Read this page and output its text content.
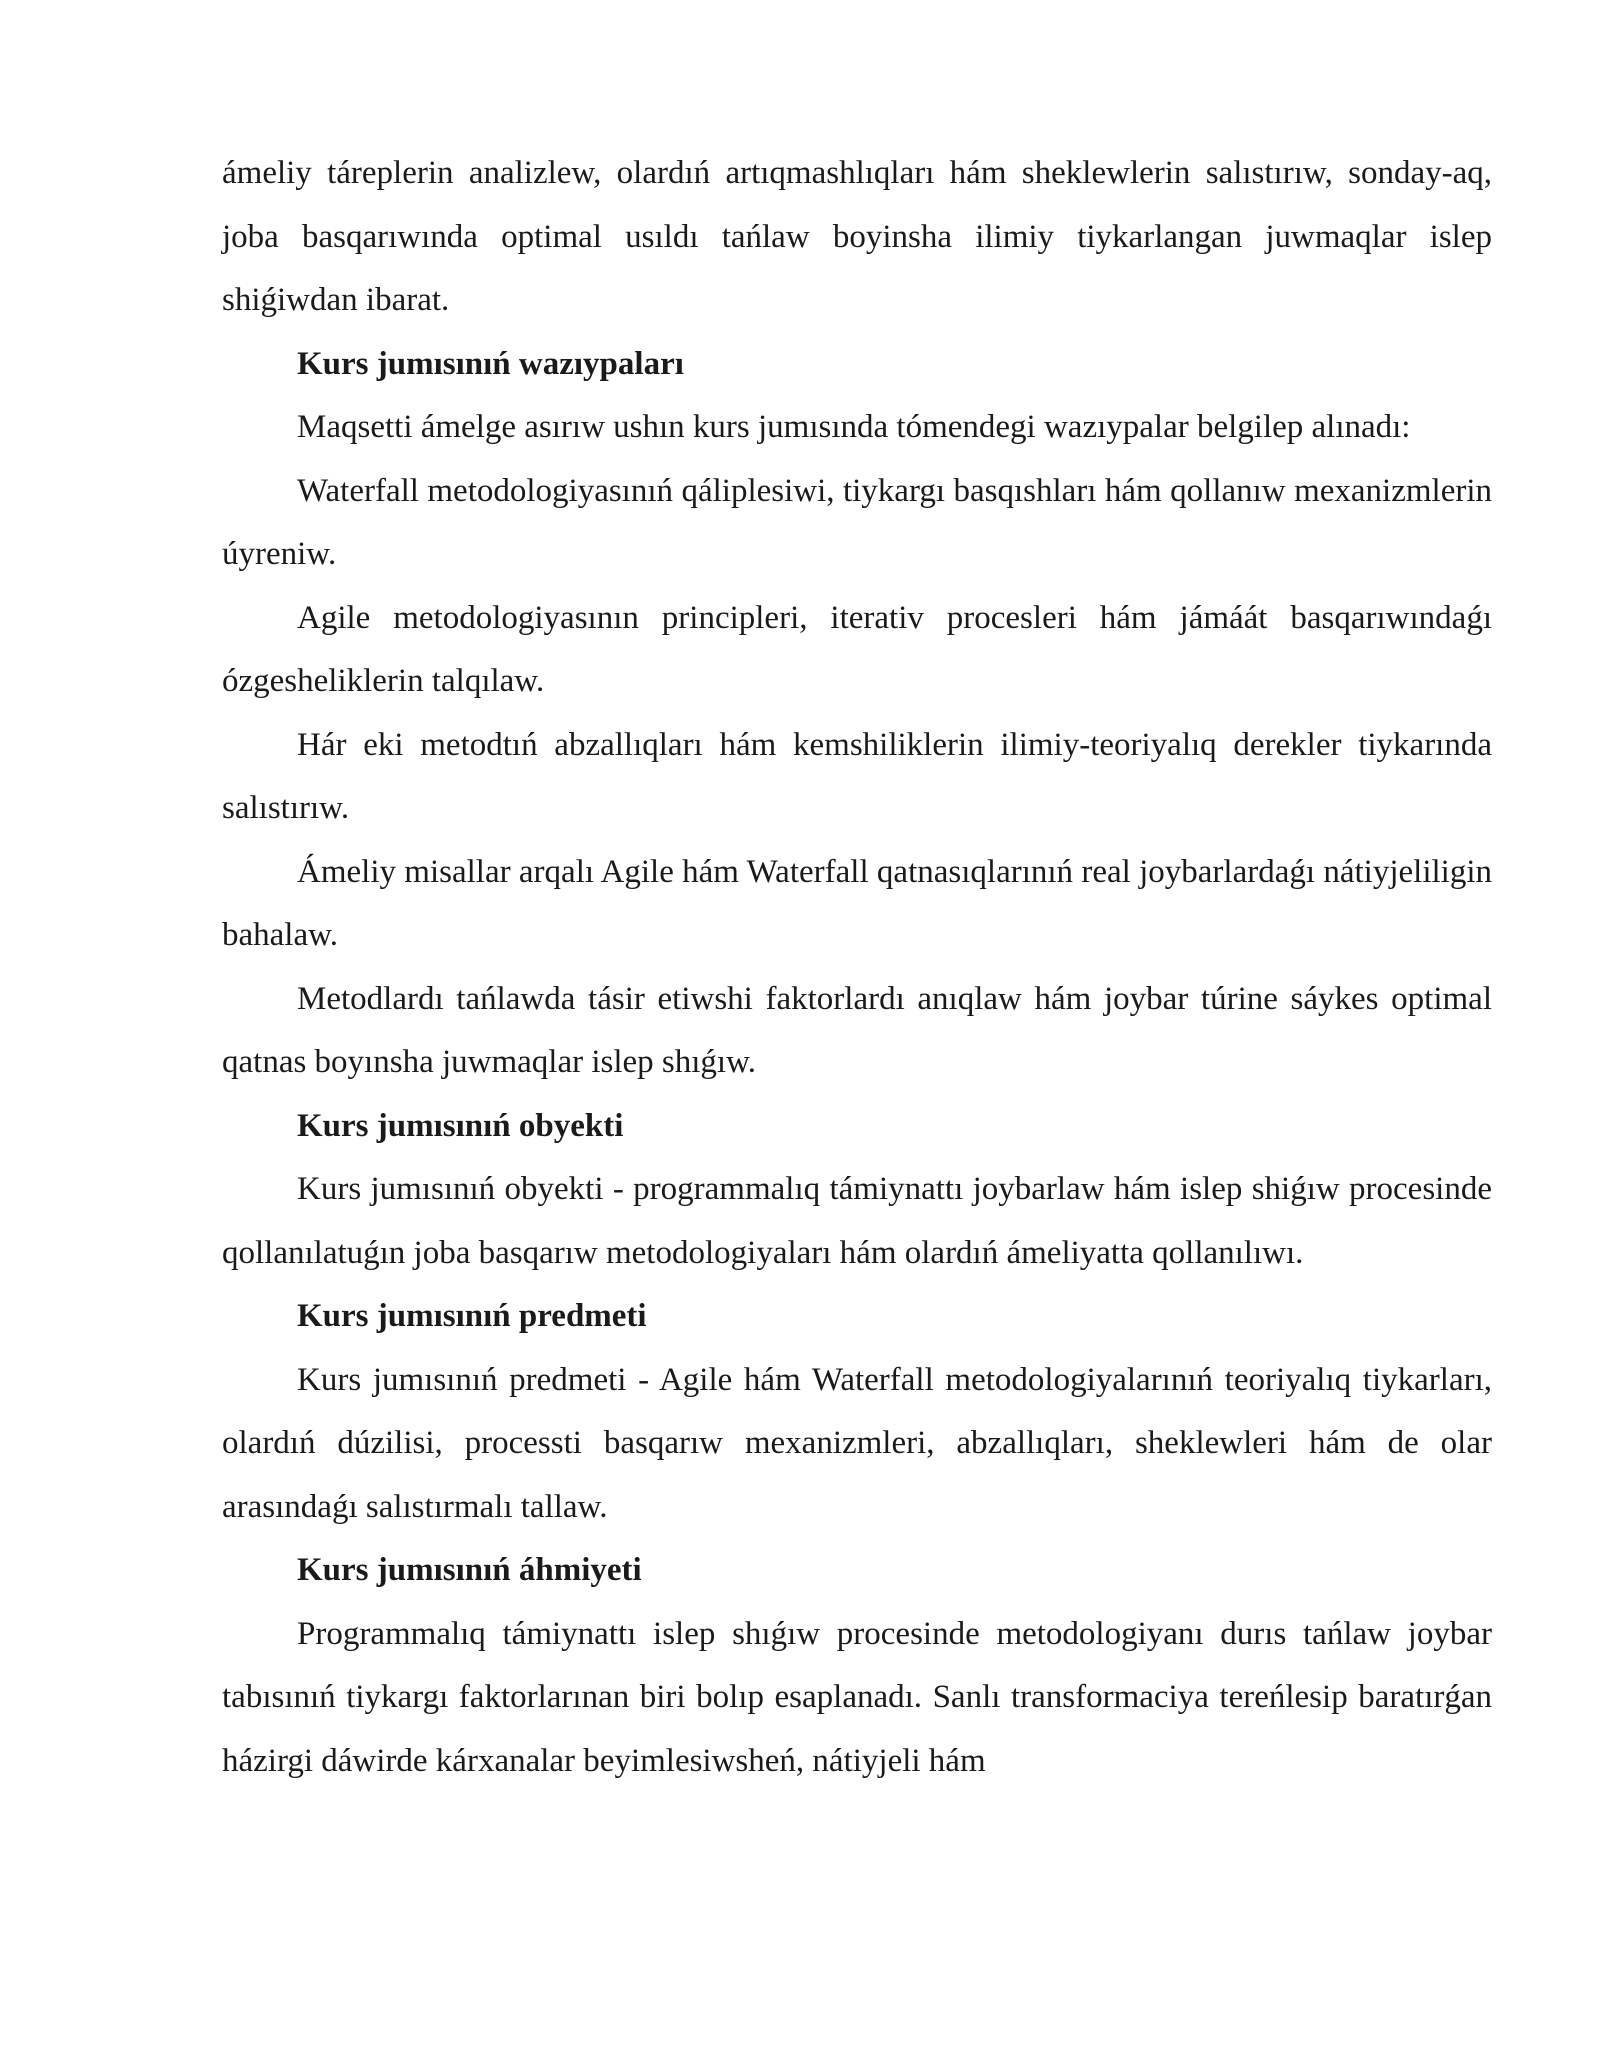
ámeliy táreplerin analizlew, olardıń artıqmashlıqları hám sheklewlerin salıstırıw, sonday-aq, joba basqarıwında optimal usıldı tańlaw boyinsha ilimiy tiykarlangan juwmaqlar islep shiǵiwdan ibarat.

Kurs jumısınıń wazıypaları

Maqsetti ámelge asırıw ushın kurs jumısında tómendegi wazıypalar belgilep alınadı:

Waterfall metodologiyasınıń qáliplesiwi, tiykargı basqıshları hám qollanıw mexanizmlerin úyreniw.

Agile metodologiyasının principleri, iterativ procesleri hám jámáát basqarıwındaǵı ózgesheliklerin talqılaw.

Hár eki metodtıń abzallıqları hám kemshiliklerin ilimiy-teoriyalıq derekler tiykarında salıstırıw.

Ámeliy misallar arqalı Agile hám Waterfall qatnasıqlarınıń real joybarlardaǵı nátiyjeliligin bahalaw.

Metodlardı tańlawda tásir etiwshi faktorlardı anıqlaw hám joybar túrine sáykes optimal qatnas boyınsha juwmaqlar islep shıǵıw.

Kurs jumısınıń obyekti

Kurs jumısınıń obyekti - programmalıq támiynattı joybarlaw hám islep shiǵıw procesinde qollanılatuǵın joba basqarıw metodologiyaları hám olardıń ámeliyatta qollanılıwı.

Kurs jumısınıń predmeti

Kurs jumısınıń predmeti - Agile hám Waterfall metodologiyalarınıń teoriyalıq tiykarları, olardıń dúzilisi, processti basqarıw mexanizmleri, abzallıqları, sheklewleri hám de olar arasındaǵı salıstırmalı tallaw.

Kurs jumısınıń áhmiyeti

Programmalıq támiynattı islep shıǵıw procesinde metodologiyanı durıs tańlaw joybar tabısınıń tiykargı faktorlarınan biri bolıp esaplanadı. Sanlı transformaciya tereńlesip baratırǵan házirgi dáwirde kárxanalar beyimlesiwsheń, nátiyjeli hám
